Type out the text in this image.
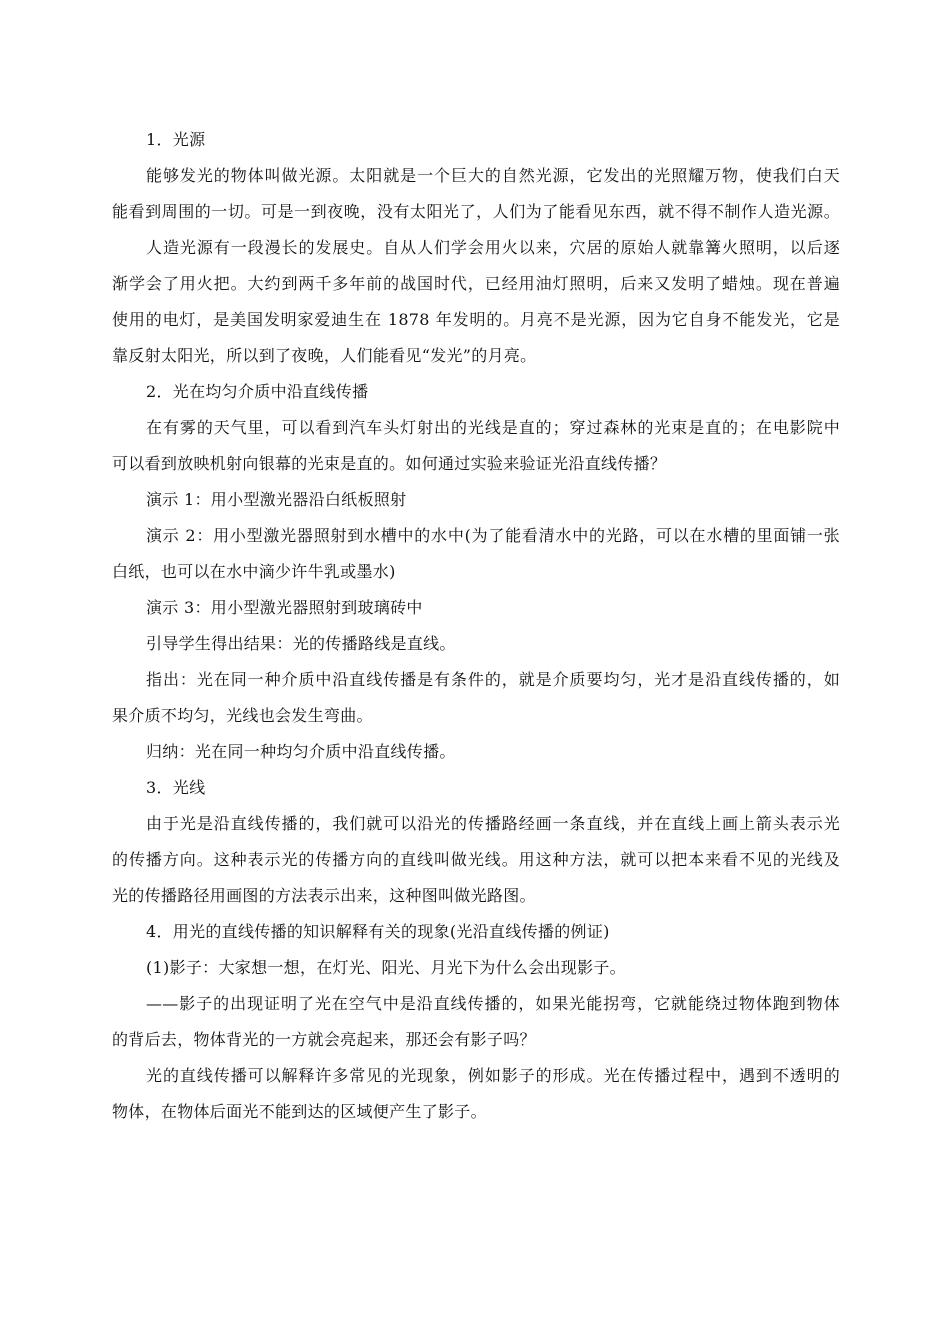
1．光源
能够发光的物体叫做光源。太阳就是一个巨大的自然光源，它发出的光照耀万物，使我们白天
能看到周围的一切。可是一到夜晚，没有太阳光了，人们为了能看见东西，就不得不制作人造光源。
人造光源有一段漫长的发展史。自从人们学会用火以来，穴居的原始人就靠篝火照明，以后逐
渐学会了用火把。大约到两千多年前的战国时代，已经用油灯照明，后来又发明了蜡烛。现在普遍
使用的电灯，是美国发明家爱迪生在 1878 年发明的。月亮不是光源，因为它自身不能发光，它是
靠反射太阳光，所以到了夜晚，人们能看见“发光”的月亮。
2．光在均匀介质中沿直线传播
在有雾的天气里，可以看到汽车头灯射出的光线是直的；穿过森林的光束是直的；在电影院中
可以看到放映机射向银幕的光束是直的。如何通过实验来验证光沿直线传播？
演示 1：用小型激光器沿白纸板照射
演示 2：用小型激光器照射到水槽中的水中(为了能看清水中的光路，可以在水槽的里面铺一张
白纸，也可以在水中滴少许牛乳或墨水)
演示 3：用小型激光器照射到玻璃砖中
引导学生得出结果：光的传播路线是直线。
指出：光在同一种介质中沿直线传播是有条件的，就是介质要均匀，光才是沿直线传播的，如
果介质不均匀，光线也会发生弯曲。
归纳：光在同一种均匀介质中沿直线传播。
3．光线
由于光是沿直线传播的，我们就可以沿光的传播路经画一条直线，并在直线上画上箭头表示光
的传播方向。这种表示光的传播方向的直线叫做光线。用这种方法，就可以把本来看不见的光线及
光的传播路径用画图的方法表示出来，这种图叫做光路图。
4．用光的直线传播的知识解释有关的现象(光沿直线传播的例证)
(1)影子：大家想一想，在灯光、阳光、月光下为什么会出现影子。
——影子的出现证明了光在空气中是沿直线传播的，如果光能拐弯，它就能绕过物体跑到物体
的背后去，物体背光的一方就会亮起来，那还会有影子吗？
光的直线传播可以解释许多常见的光现象，例如影子的形成。光在传播过程中，遇到不透明的
物体，在物体后面光不能到达的区域便产生了影子。
